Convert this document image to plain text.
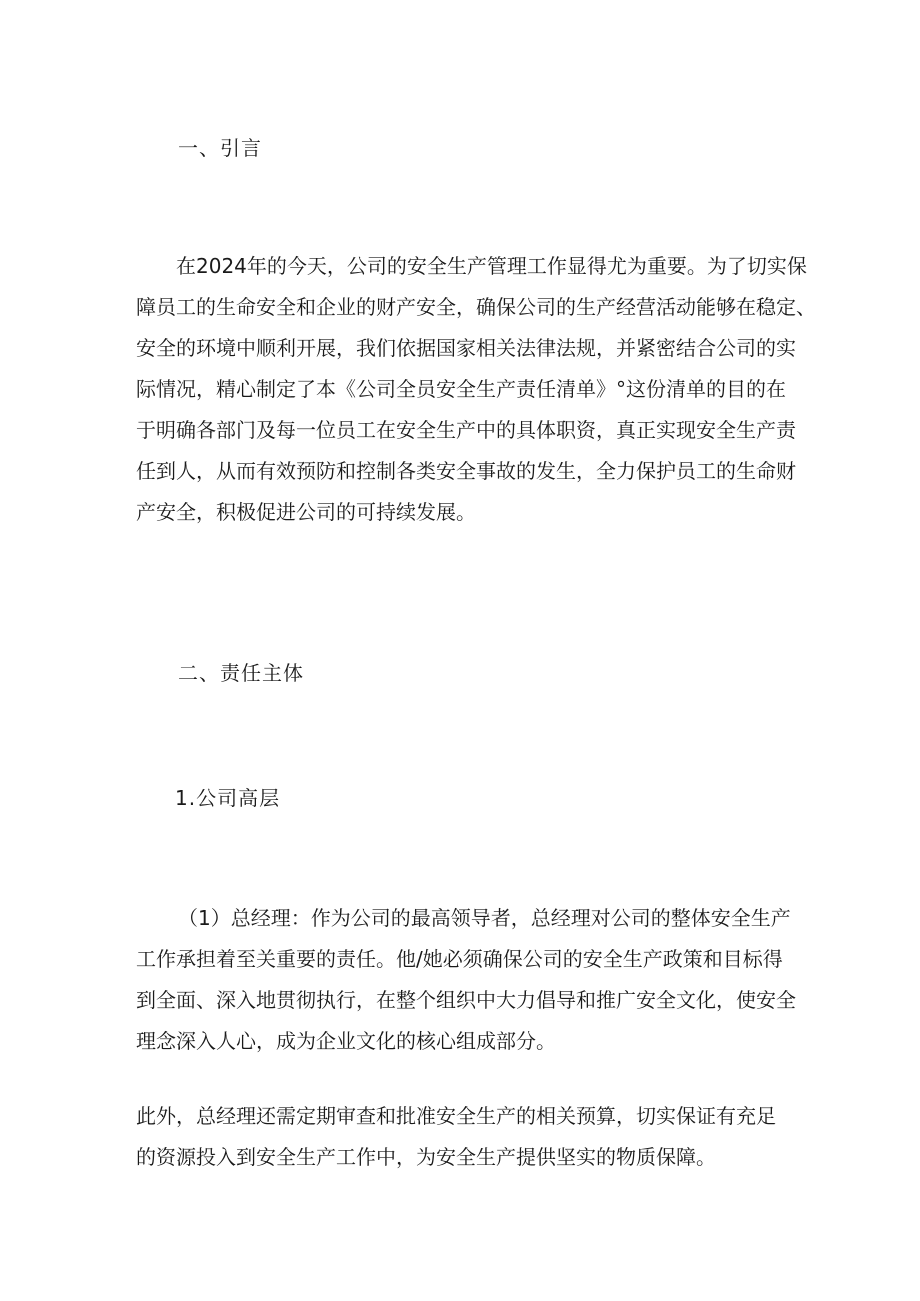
一、引言
在2024年的今天，公司的安全生产管理工作显得尤为重要。为了切实保
障员工的生命安全和企业的财产安全，确保公司的生产经营活动能够在稳定、
安全的环境中顺利开展，我们依据国家相关法律法规，并紧密结合公司的实
际情况，精心制定了本《公司全员安全生产责任清单》°这份清单的目的在
于明确各部门及每一位员工在安全生产中的具体职资，真正实现安全生产责
任到人，从而有效预防和控制各类安全事故的发生，全力保护员工的生命财
产安全，积极促进公司的可持续发展。
二、责任主体
1.公司高层
（1）总经理：作为公司的最高领导者，总经理对公司的整体安全生产
工作承担着至关重要的责任。他/她必须确保公司的安全生产政策和目标得
到全面、深入地贯彻执行，在整个组织中大力倡导和推广安全文化，使安全
理念深入人心，成为企业文化的核心组成部分。
此外，总经理还需定期审查和批准安全生产的相关预算，切实保证有充足
的资源投入到安全生产工作中，为安全生产提供坚实的物质保障。
